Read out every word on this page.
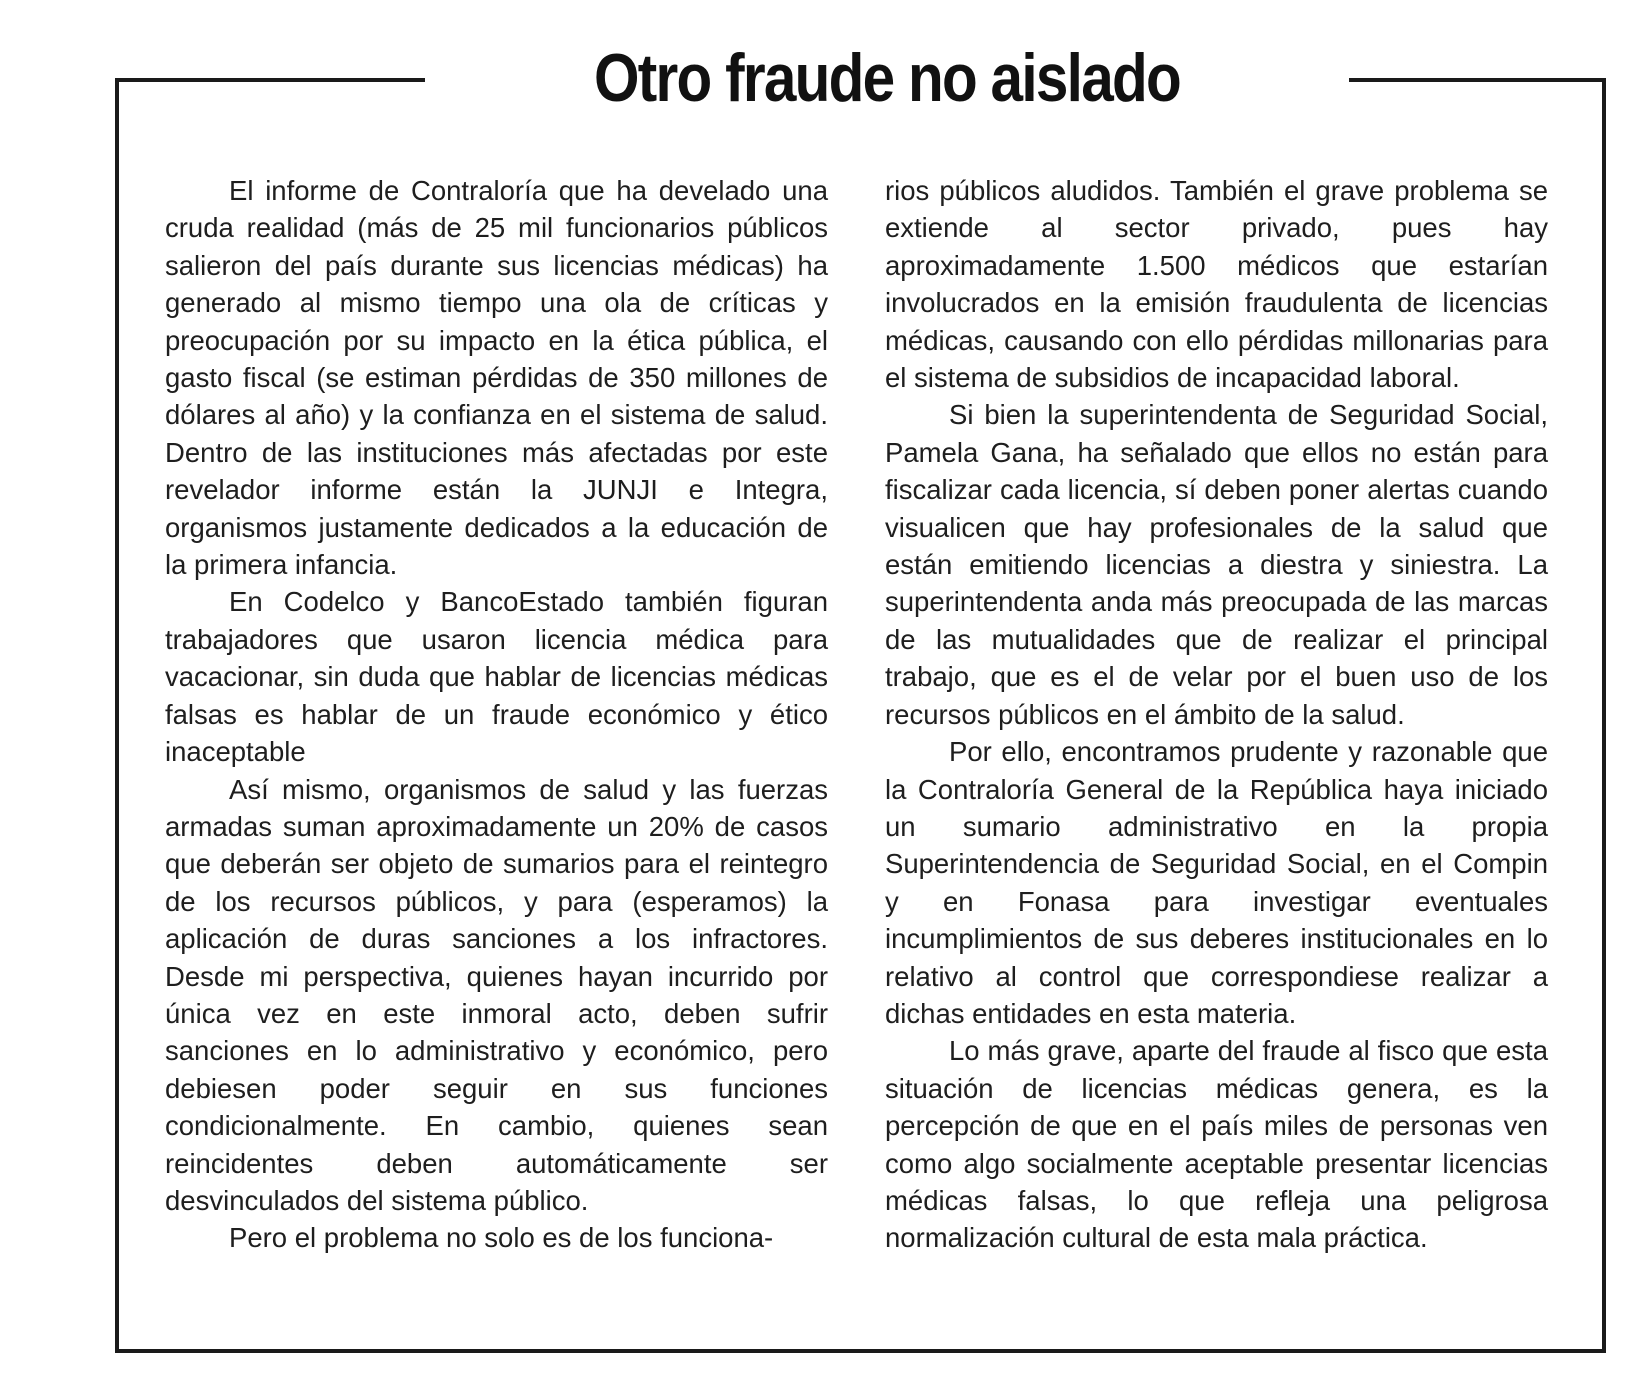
Otro fraude no aislado

El informe de Contraloría que ha develado una cruda realidad (más de 25 mil funcionarios públicos salieron del país durante sus licencias médicas) ha generado al mismo tiempo una ola de críticas y preocupación por su impacto en la ética pública, el gasto fiscal (se estiman pérdidas de 350 millones de dólares al año) y la confianza en el sistema de salud. Dentro de las instituciones más afectadas por este revelador informe están la JUNJI e Integra, organismos justamente dedicados a la educación de la primera infancia.

En Codelco y BancoEstado también figuran trabajadores que usaron licencia médica para vacacionar, sin duda que hablar de licencias médicas falsas es hablar de un fraude económico y ético inaceptable

Así mismo, organismos de salud y las fuerzas armadas suman aproximadamente un 20% de casos que deberán ser objeto de sumarios para el reintegro de los recursos públicos, y para (esperamos) la aplicación de duras sanciones a los infractores. Desde mi perspectiva, quienes hayan incurrido por única vez en este inmoral acto, deben sufrir sanciones en lo administrativo y económico, pero debiesen poder seguir en sus funciones condicionalmente. En cambio, quienes sean reincidentes deben automáticamente ser desvinculados del sistema público.

Pero el problema no solo es de los funciona-

rios públicos aludidos. También el grave problema se extiende al sector privado, pues hay aproximadamente 1.500 médicos que estarían involucrados en la emisión fraudulenta de licencias médicas, causando con ello pérdidas millonarias para el sistema de subsidios de incapacidad laboral.

Si bien la superintendenta de Seguridad Social, Pamela Gana, ha señalado que ellos no están para fiscalizar cada licencia, sí deben poner alertas cuando visualicen que hay profesionales de la salud que están emitiendo licencias a diestra y siniestra. La superintendenta anda más preocupada de las marcas de las mutualidades que de realizar el principal trabajo, que es el de velar por el buen uso de los recursos públicos en el ámbito de la salud.

Por ello, encontramos prudente y razonable que la Contraloría General de la República haya iniciado un sumario administrativo en la propia Superintendencia de Seguridad Social, en el Compin y en Fonasa para investigar eventuales incumplimientos de sus deberes institucionales en lo relativo al control que correspondiese realizar a dichas entidades en esta materia.

Lo más grave, aparte del fraude al fisco que esta situación de licencias médicas genera, es la percepción de que en el país miles de personas ven como algo socialmente aceptable presentar licencias médicas falsas, lo que refleja una peligrosa normalización cultural de esta mala práctica.
